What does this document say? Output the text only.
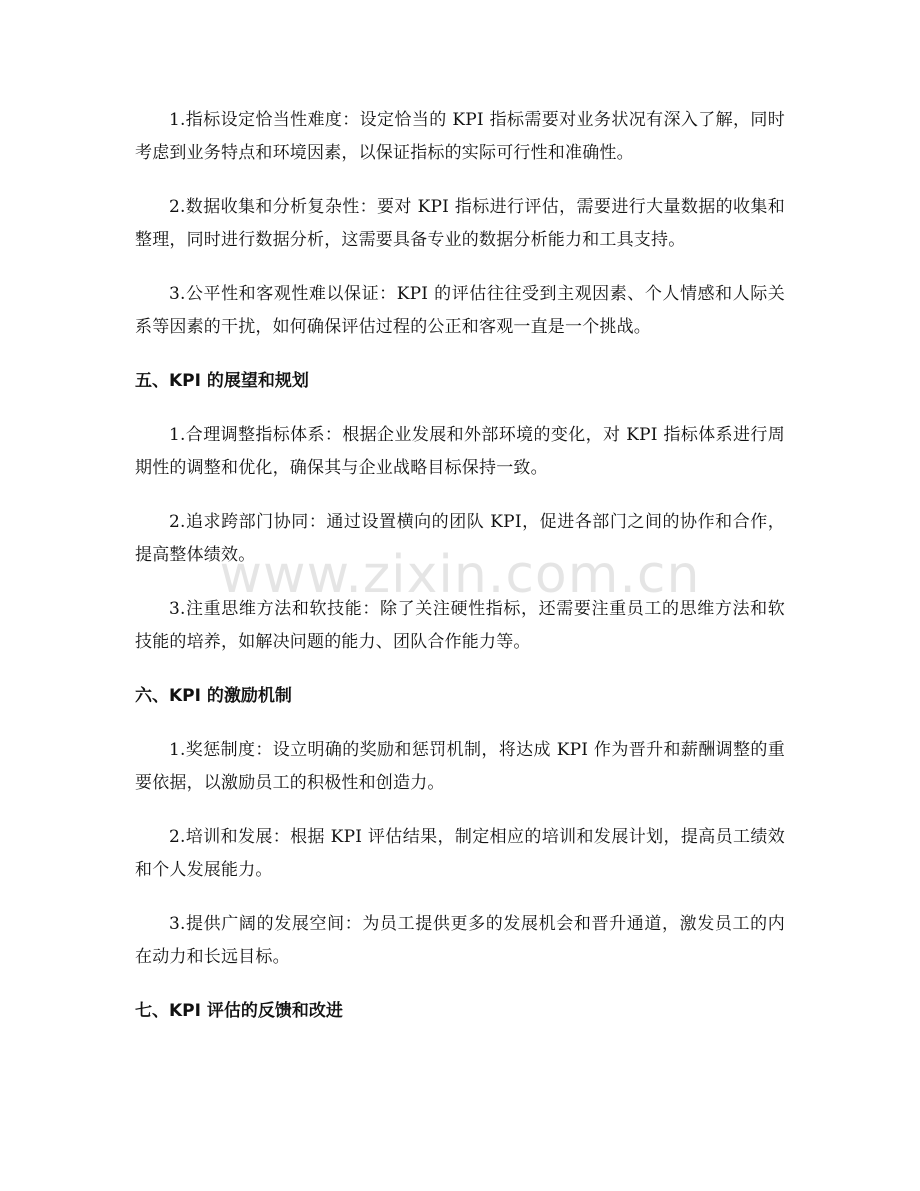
1.指标设定恰当性难度：设定恰当的 KPI 指标需要对业务状况有深入了解，同时考虑到业务特点和环境因素，以保证指标的实际可行性和准确性。

2.数据收集和分析复杂性：要对 KPI 指标进行评估，需要进行大量数据的收集和整理，同时进行数据分析，这需要具备专业的数据分析能力和工具支持。

3.公平性和客观性难以保证：KPI 的评估往往受到主观因素、个人情感和人际关系等因素的干扰，如何确保评估过程的公正和客观一直是一个挑战。

五、KPI 的展望和规划

1.合理调整指标体系：根据企业发展和外部环境的变化，对 KPI 指标体系进行周期性的调整和优化，确保其与企业战略目标保持一致。

2.追求跨部门协同：通过设置横向的团队 KPI，促进各部门之间的协作和合作，提高整体绩效。

3.注重思维方法和软技能：除了关注硬性指标，还需要注重员工的思维方法和软技能的培养，如解决问题的能力、团队合作能力等。

六、KPI 的激励机制

1.奖惩制度：设立明确的奖励和惩罚机制，将达成 KPI 作为晋升和薪酬调整的重要依据，以激励员工的积极性和创造力。

2.培训和发展：根据 KPI 评估结果，制定相应的培训和发展计划，提高员工绩效和个人发展能力。

3.提供广阔的发展空间：为员工提供更多的发展机会和晋升通道，激发员工的内在动力和长远目标。

七、KPI 评估的反馈和改进
www.zixin.com.cn
